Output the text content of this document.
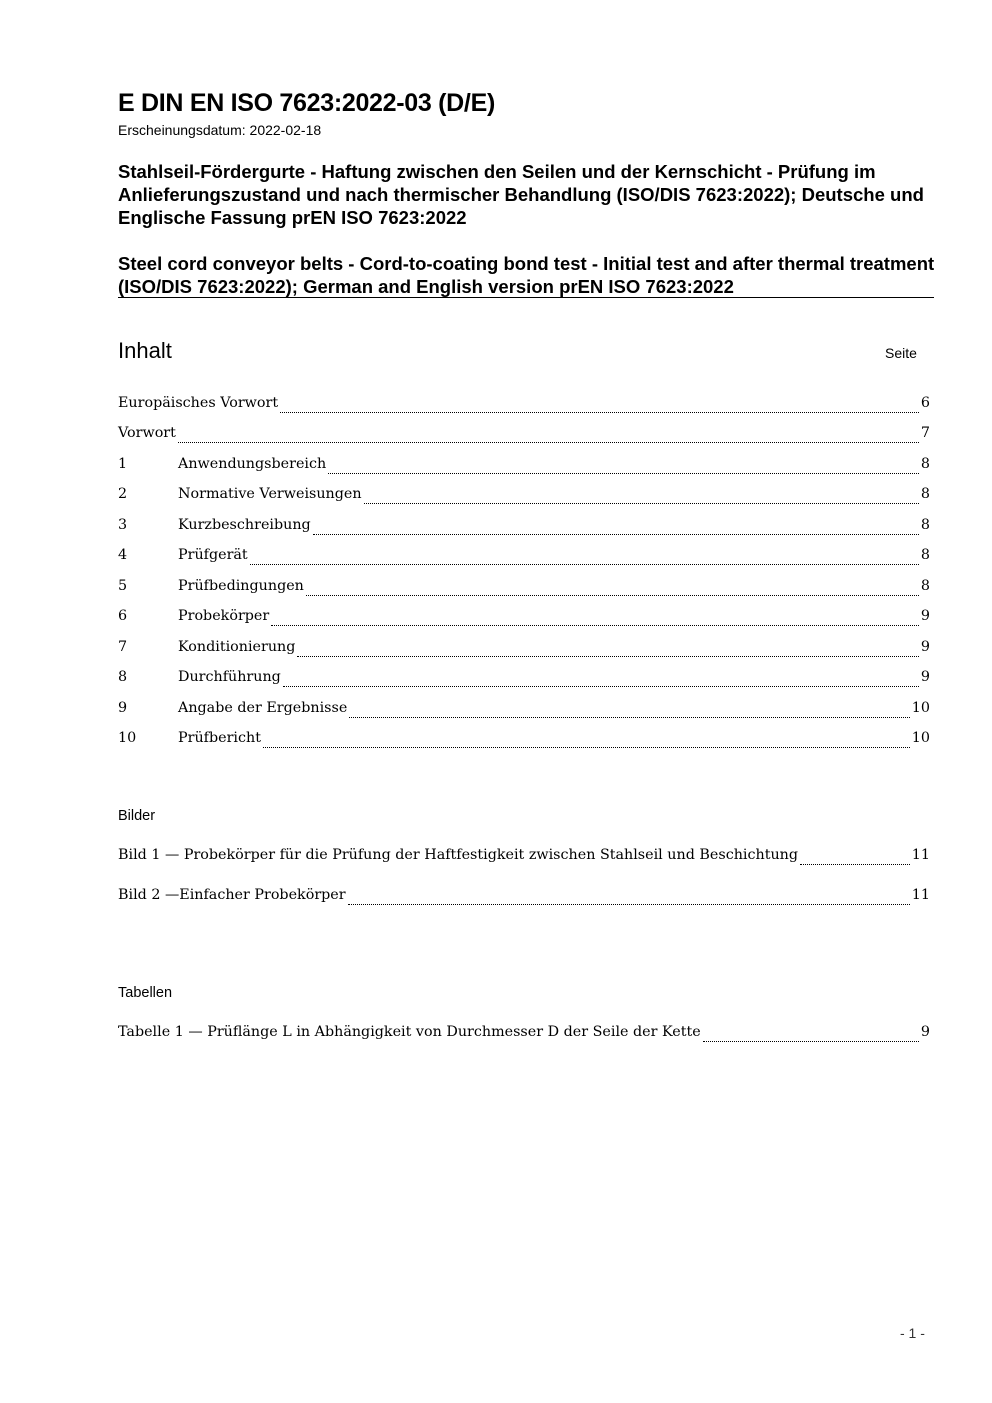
E DIN EN ISO 7623:2022-03 (D/E)
Erscheinungsdatum: 2022-02-18
Stahlseil-Fördergurte - Haftung zwischen den Seilen und der Kernschicht - Prüfung im Anlieferungszustand und nach thermischer Behandlung (ISO/DIS 7623:2022); Deutsche und Englische Fassung prEN ISO 7623:2022
Steel cord conveyor belts - Cord-to-coating bond test - Initial test and after thermal treatment (ISO/DIS 7623:2022); German and English version prEN ISO 7623:2022
Inhalt	Seite
Europäisches Vorwort	6
Vorwort	7
1	Anwendungsbereich	8
2	Normative Verweisungen	8
3	Kurzbeschreibung	8
4	Prüfgerät	8
5	Prüfbedingungen	8
6	Probekörper	9
7	Konditionierung	9
8	Durchführung	9
9	Angabe der Ergebnisse	10
10	Prüfbericht	10
Bilder
Bild 1 — Probekörper für die Prüfung der Haftfestigkeit zwischen Stahlseil und Beschichtung	11
Bild 2 —Einfacher Probekörper	11
Tabellen
Tabelle 1 — Prüflänge L in Abhängigkeit von Durchmesser D der Seile der Kette	9
- 1 -
